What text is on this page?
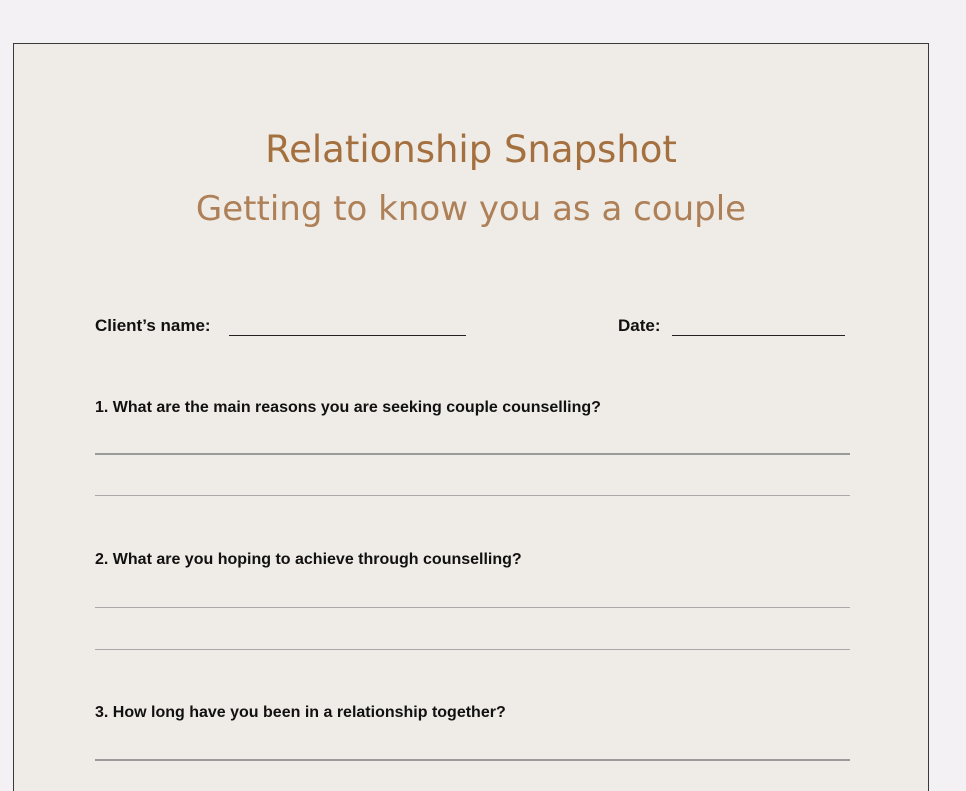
Relationship Snapshot
Getting to know you as a couple
Client’s name:	Date:

1. What are the main reasons you are seeking couple counselling?

2. What are you hoping to achieve through counselling?

3. How long have you been in a relationship together?
